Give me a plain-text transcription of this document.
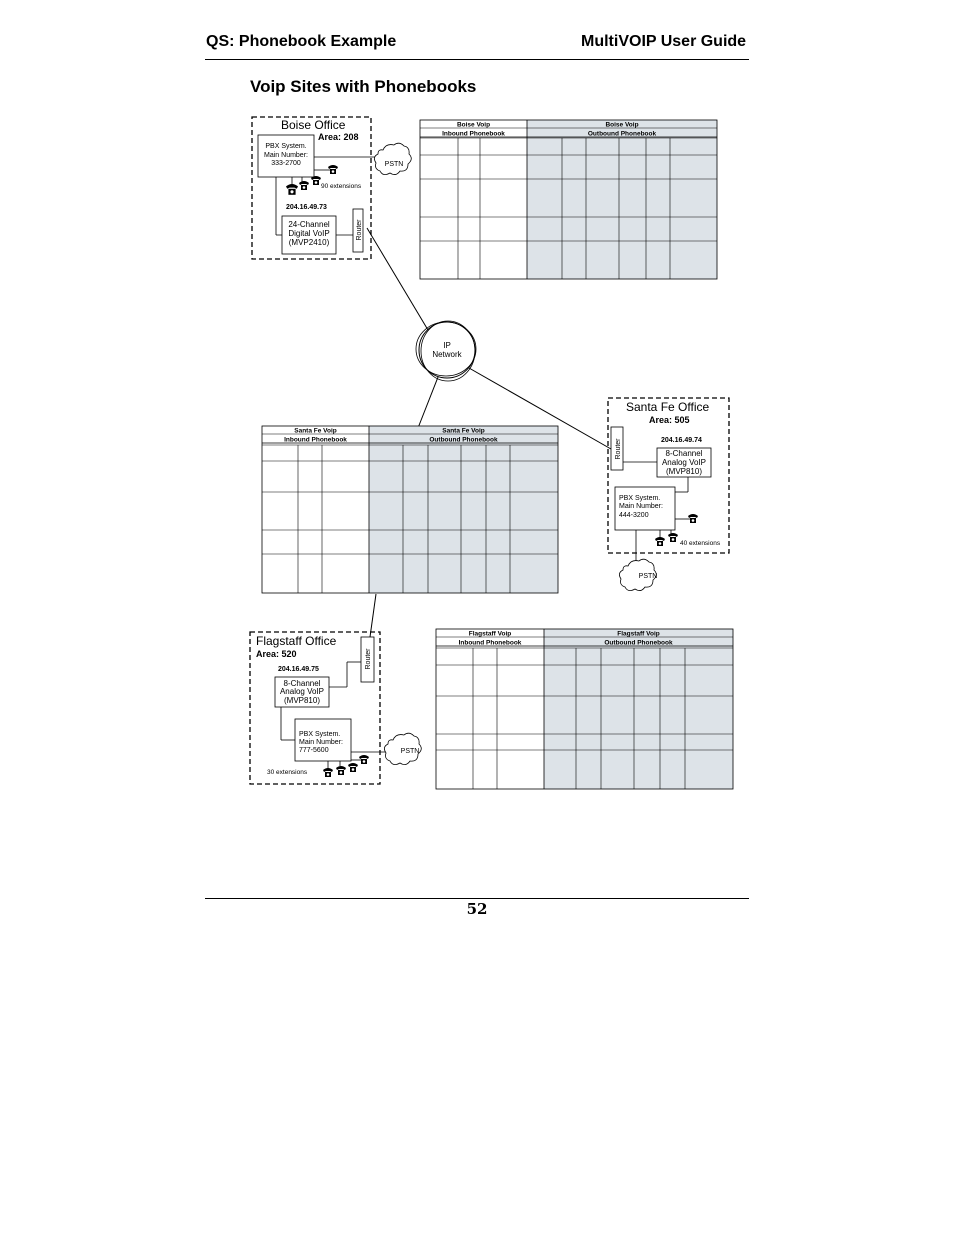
QS: Phonebook Example	MultiVOIP User Guide
Voip Sites with Phonebooks
IP
Network
Boise Office
Area: 208
PBX System.
Main Number:
333-2700
90 extensions
204.16.49.73
24-Channel
Digital VoIP
(MVP2410)
Router
PSTN
Santa Fe Office
Area: 505
Router	204.16.49.74
8-Channel
Analog VoIP
(MVP810)
PBX System.
Main Number:
444-3200
40 extensions
PSTN
Flagstaff Office
Area: 520	Router
204.16.49.75
8-Channel
Analog VoIP
(MVP810)
PBX System.
Main Number:
777-5600
30 extensions
PSTN
Boise Voip
Inbound Phonebook
Boise Voip
Outbound Phonebook
Santa Fe Voip
Inbound Phonebook
Santa Fe Voip
Outbound Phonebook
Flagstaff Voip
Inbound Phonebook
Flagstaff Voip
Outbound Phonebook
52
